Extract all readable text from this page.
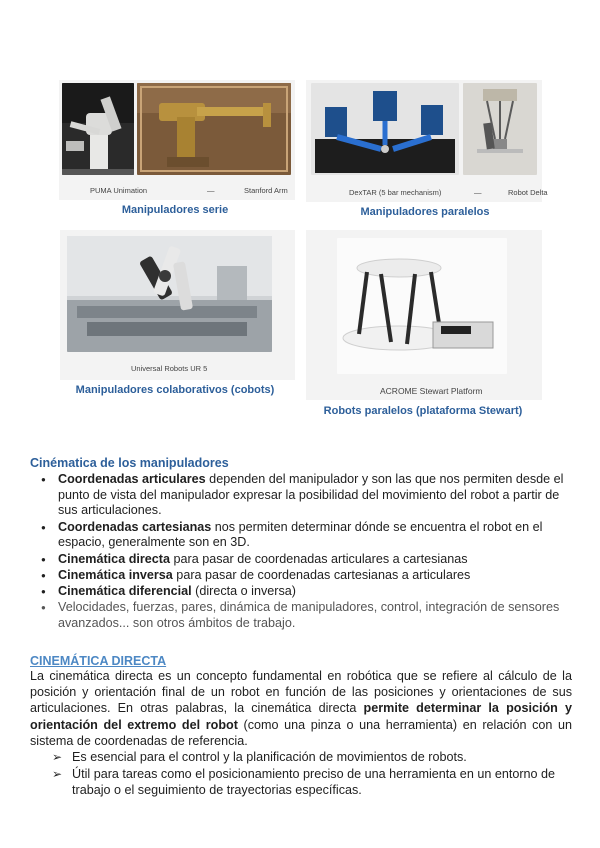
PUMA Unimation	—	Stanford Arm
Manipuladores serie
DexTAR (5 bar mechanism)	—	Robot Delta
Manipuladores paralelos
Universal Robots UR 5
Manipuladores colaborativos (cobots)	ACROME Stewart Platform
Robots paralelos (plataforma Stewart)
Cinématica de los manipuladores
● Coordenadas articulares dependen del manipulador y son las que nos permiten desde el punto de vista del manipulador expresar la posibilidad del movimiento del robot a partir de sus articulaciones.
● Coordenadas cartesianas nos permiten determinar dónde se encuentra el robot en el espacio, generalmente son en 3D.
● Cinemática directa para pasar de coordenadas articulares a cartesianas
● Cinemática inversa para pasar de coordenadas cartesianas a articulares
● Cinemática diferencial (directa o inversa)
● Velocidades, fuerzas, pares, dinámica de manipuladores, control, integración de sensores avanzados... son otros ámbitos de trabajo.
CINEMÁTICA DIRECTA

La cinemática directa es un concepto fundamental en robótica que se refiere al cálculo de la posición y orientación final de un robot en función de las posiciones y orientaciones de sus articulaciones. En otras palabras, la cinemática directa permite determinar la posición y orientación del extremo del robot (como una pinza o una herramienta) en relación con un sistema de coordenadas de referencia.

➢ Es esencial para el control y la planificación de movimientos de robots.
➢ Útil para tareas como el posicionamiento preciso de una herramienta en un entorno de trabajo o el seguimiento de trayectorias específicas.
